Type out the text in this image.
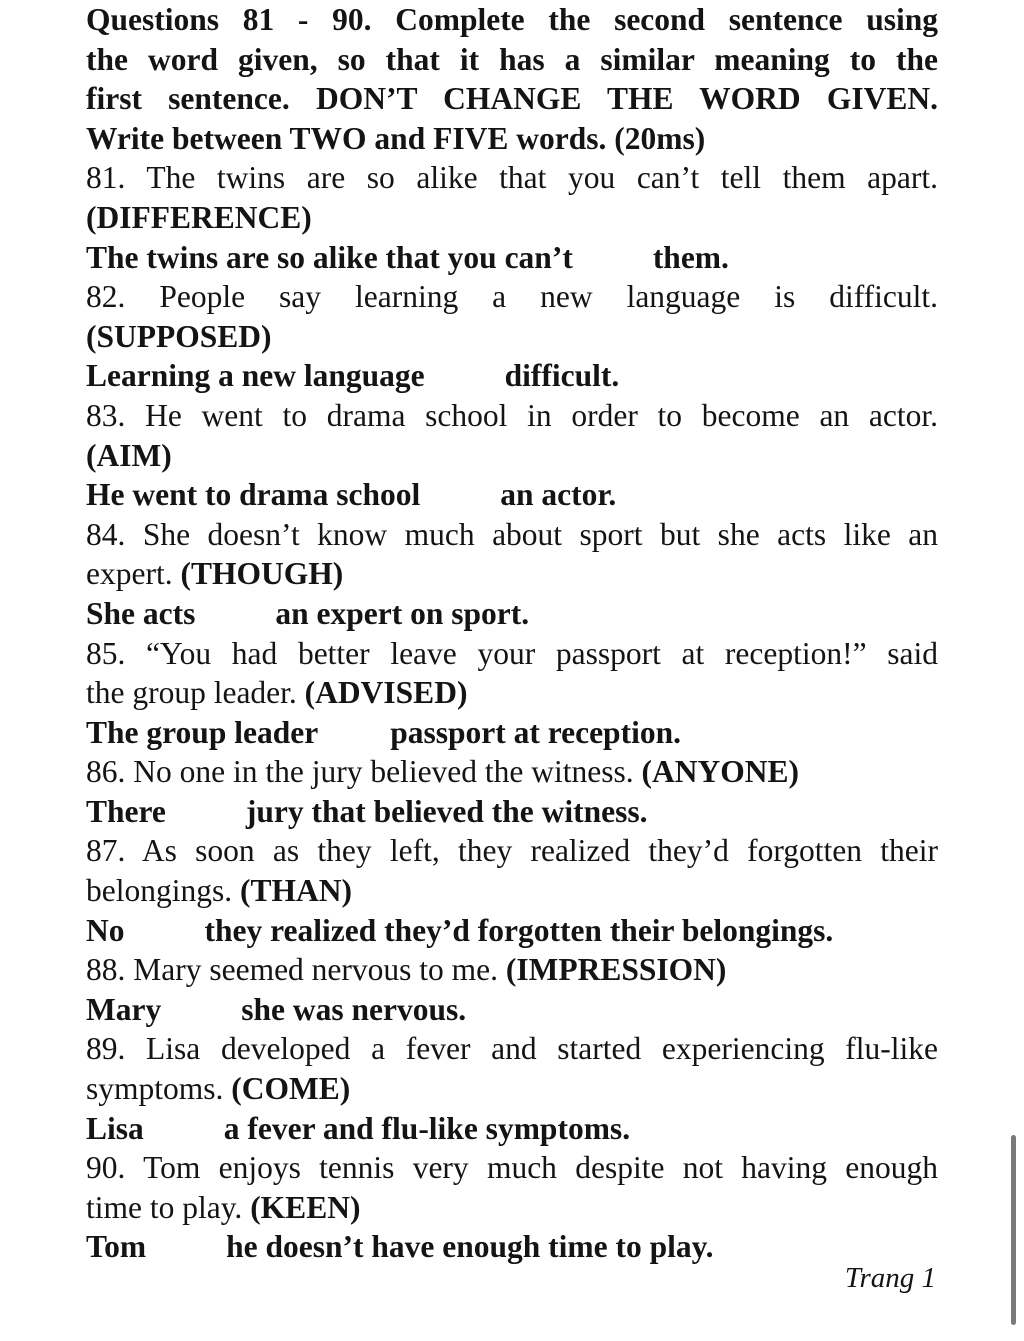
Questions 81 - 90. Complete the second sentence using
the word given, so that it has a similar meaning to the
first sentence. DON’T CHANGE THE WORD GIVEN.
Write between TWO and FIVE words. (20ms)
81. The twins are so alike that you can’t tell them apart.
(DIFFERENCE)
The twins are so alike that you can’t	them.
82. People say learning a new language is difficult.
(SUPPOSED)
Learning a new language	difficult.
83. He went to drama school in order to become an actor.
(AIM)
He went to drama school	an actor.
84. She doesn’t know much about sport but she acts like an
expert. (THOUGH)
She acts	an expert on sport.
85. “You had better leave your passport at reception!” said
the group leader. (ADVISED)
The group leader passport at reception.
86. No one in the jury believed the witness. (ANYONE)
There	jury that believed the witness.
87. As soon as they left, they realized they’d forgotten their
belongings. (THAN)
No	they realized they’d forgotten their belongings.
88. Mary seemed nervous to me. (IMPRESSION)
Mary	she was nervous.
89. Lisa developed a fever and started experiencing flu-like
symptoms. (COME)
Lisa	a fever and flu-like symptoms.
90. Tom enjoys tennis very much despite not having enough
time to play. (KEEN)
Tom	he doesn’t have enough time to play.
Trang 1
